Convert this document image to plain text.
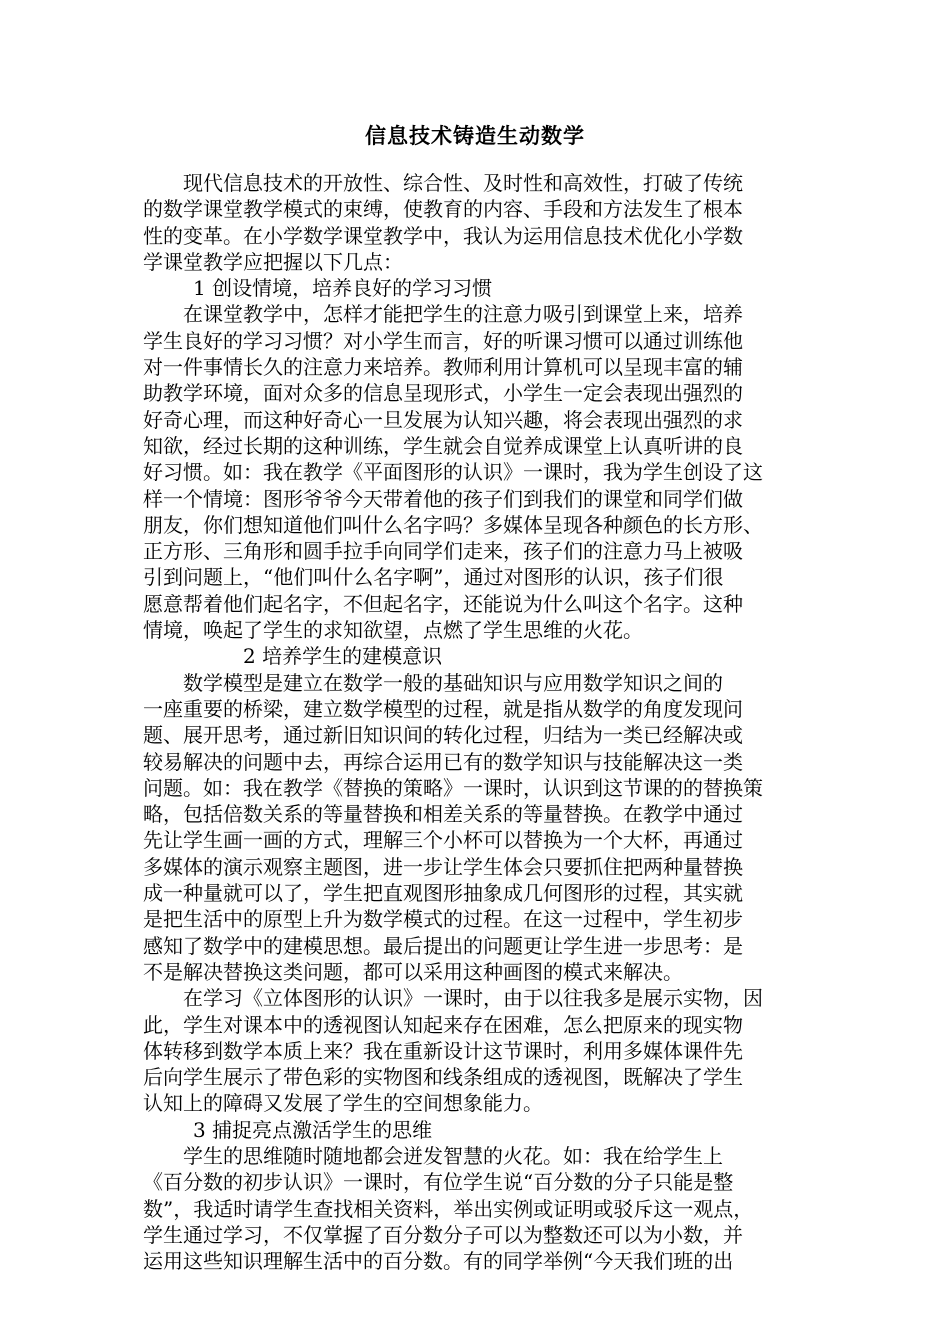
信息技术铸造生动数学
现代信息技术的开放性、综合性、及时性和高效性，打破了传统
的数学课堂教学模式的束缚，使教育的内容、手段和方法发生了根本
性的变革。在小学数学课堂教学中，我认为运用信息技术优化小学数
学课堂教学应把握以下几点：
1 创设情境，培养良好的学习习惯
在课堂教学中，怎样才能把学生的注意力吸引到课堂上来，培养
学生良好的学习习惯？对小学生而言，好的听课习惯可以通过训练他
对一件事情长久的注意力来培养。教师利用计算机可以呈现丰富的辅
助教学环境，面对众多的信息呈现形式，小学生一定会表现出强烈的
好奇心理，而这种好奇心一旦发展为认知兴趣，将会表现出强烈的求
知欲，经过长期的这种训练，学生就会自觉养成课堂上认真听讲的良
好习惯。如：我在教学《平面图形的认识》一课时，我为学生创设了这
样一个情境：图形爷爷今天带着他的孩子们到我们的课堂和同学们做
朋友，你们想知道他们叫什么名字吗？多媒体呈现各种颜色的长方形、
正方形、三角形和圆手拉手向同学们走来，孩子们的注意力马上被吸
引到问题上，“他们叫什么名字啊”，通过对图形的认识，孩子们很
愿意帮着他们起名字，不但起名字，还能说为什么叫这个名字。这种
情境，唤起了学生的求知欲望，点燃了学生思维的火花。
2 培养学生的建模意识
数学模型是建立在数学一般的基础知识与应用数学知识之间的
一座重要的桥梁，建立数学模型的过程，就是指从数学的角度发现问
题、展开思考，通过新旧知识间的转化过程，归结为一类已经解决或
较易解决的问题中去，再综合运用已有的数学知识与技能解决这一类
问题。如：我在教学《替换的策略》一课时，认识到这节课的的替换策
略，包括倍数关系的等量替换和相差关系的等量替换。在教学中通过
先让学生画一画的方式，理解三个小杯可以替换为一个大杯，再通过
多媒体的演示观察主题图，进一步让学生体会只要抓住把两种量替换
成一种量就可以了，学生把直观图形抽象成几何图形的过程，其实就
是把生活中的原型上升为数学模式的过程。在这一过程中，学生初步
感知了数学中的建模思想。最后提出的问题更让学生进一步思考：是
不是解决替换这类问题，都可以采用这种画图的模式来解决。
在学习《立体图形的认识》一课时，由于以往我多是展示实物，因
此，学生对课本中的透视图认知起来存在困难，怎么把原来的现实物
体转移到数学本质上来？我在重新设计这节课时，利用多媒体课件先
后向学生展示了带色彩的实物图和线条组成的透视图，既解决了学生
认知上的障碍又发展了学生的空间想象能力。
3 捕捉亮点激活学生的思维
学生的思维随时随地都会迸发智慧的火花。如：我在给学生上
《百分数的初步认识》一课时，有位学生说“百分数的分子只能是整
数”，我适时请学生查找相关资料，举出实例或证明或驳斥这一观点，
学生通过学习，不仅掌握了百分数分子可以为整数还可以为小数，并
运用这些知识理解生活中的百分数。有的同学举例“今天我们班的出
